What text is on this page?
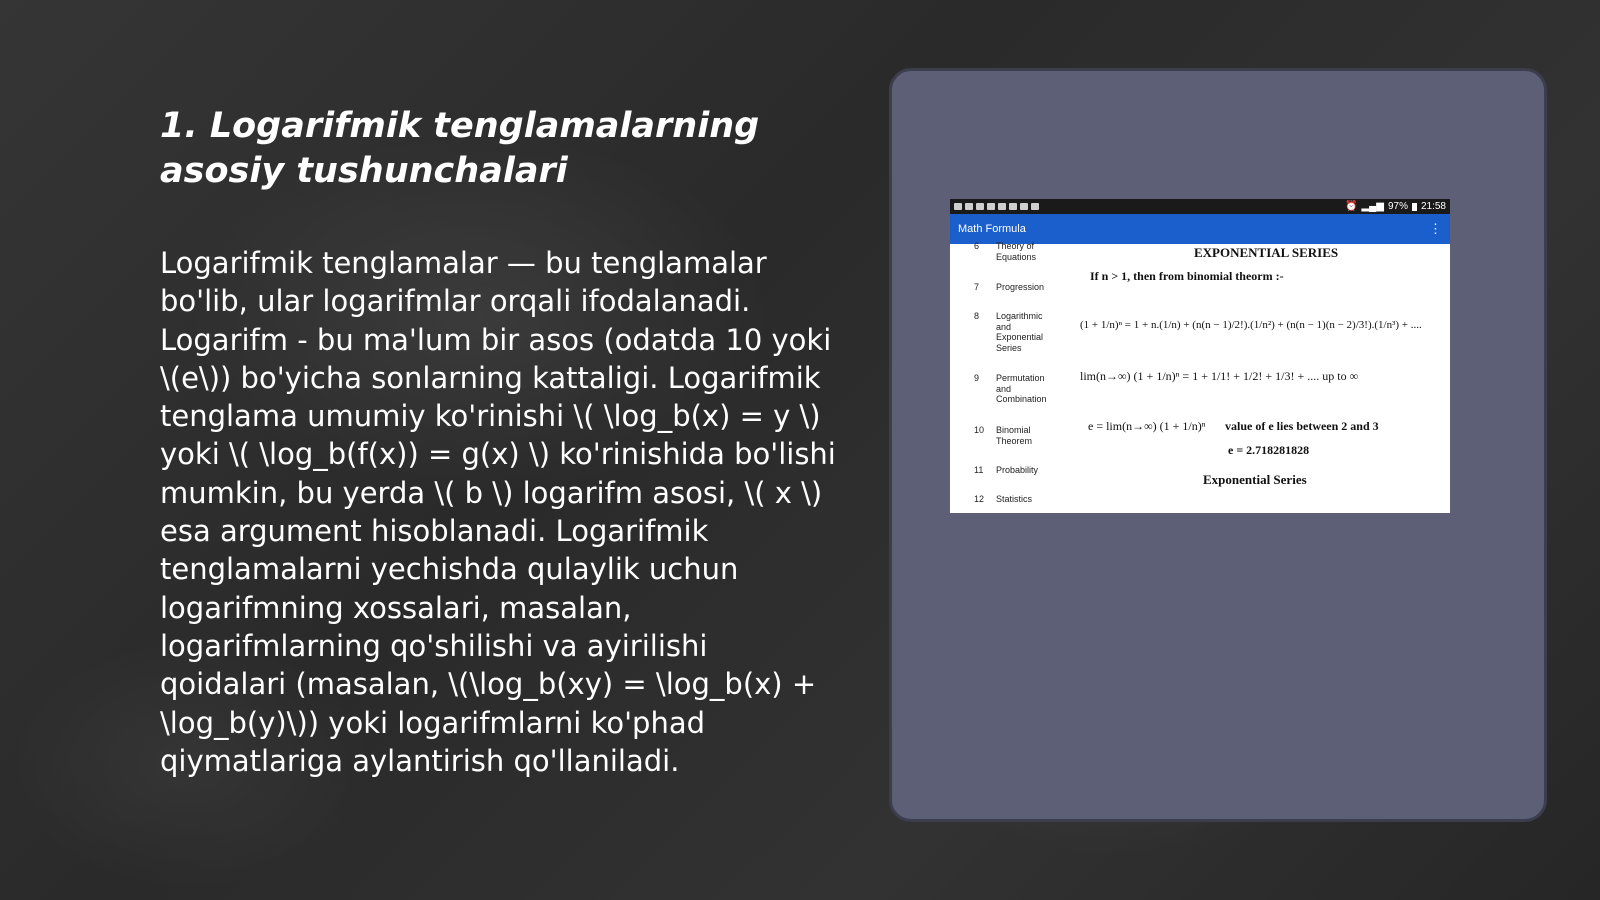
1. Logarifmik tenglamalarning asosiy tushunchalari

Logarifmik tenglamalar — bu tenglamalar bo'lib, ular logarifmlar orqali ifodalanadi. Logarifm - bu ma'lum bir asos (odatda 10 yoki \(e\)) bo'yicha sonlarning kattaligi. Logarifmik tenglama umumiy ko'rinishi \( \log_b(x) = y \) yoki \( \log_b(f(x)) = g(x) \) ko'rinishida bo'lishi mumkin, bu yerda \( b \) logarifm asosi, \( x \) esa argument hisoblanadi. Logarifmik tenglamalarni yechishda qulaylik uchun logarifmning xossalari, masalan, logarifmlarning qo'shilishi va ayirilishi qoidalari (masalan, \(\log_b(xy) = \log_b(x) + \log_b(y)\)) yoki logarifmlarni ko'phad qiymatlariga aylantirish qo'llaniladi.

⏰ ▂▄▆ 97% 21:58
Math Formula	⋮
6 Theory of Equations
7 Progression
8 Logarithmic and Exponential Series
9 Permutation and Combination
10 Binomial Theorem
11 Probability
12 Statistics
EXPONENTIAL SERIES
If n > 1, then from binomial theorm :-
(1 + 1/n)ⁿ = 1 + n.(1/n) + (n(n − 1)/2!).(1/n²) + (n(n − 1)(n − 2)/3!).(1/n³) + ....
lim(n→∞) (1 + 1/n)ⁿ = 1 + 1/1! + 1/2! + 1/3! + .... up to ∞
e = lim(n→∞) (1 + 1/n)ⁿ value of e lies between 2 and 3
e = 2.718281828
Exponential Series
